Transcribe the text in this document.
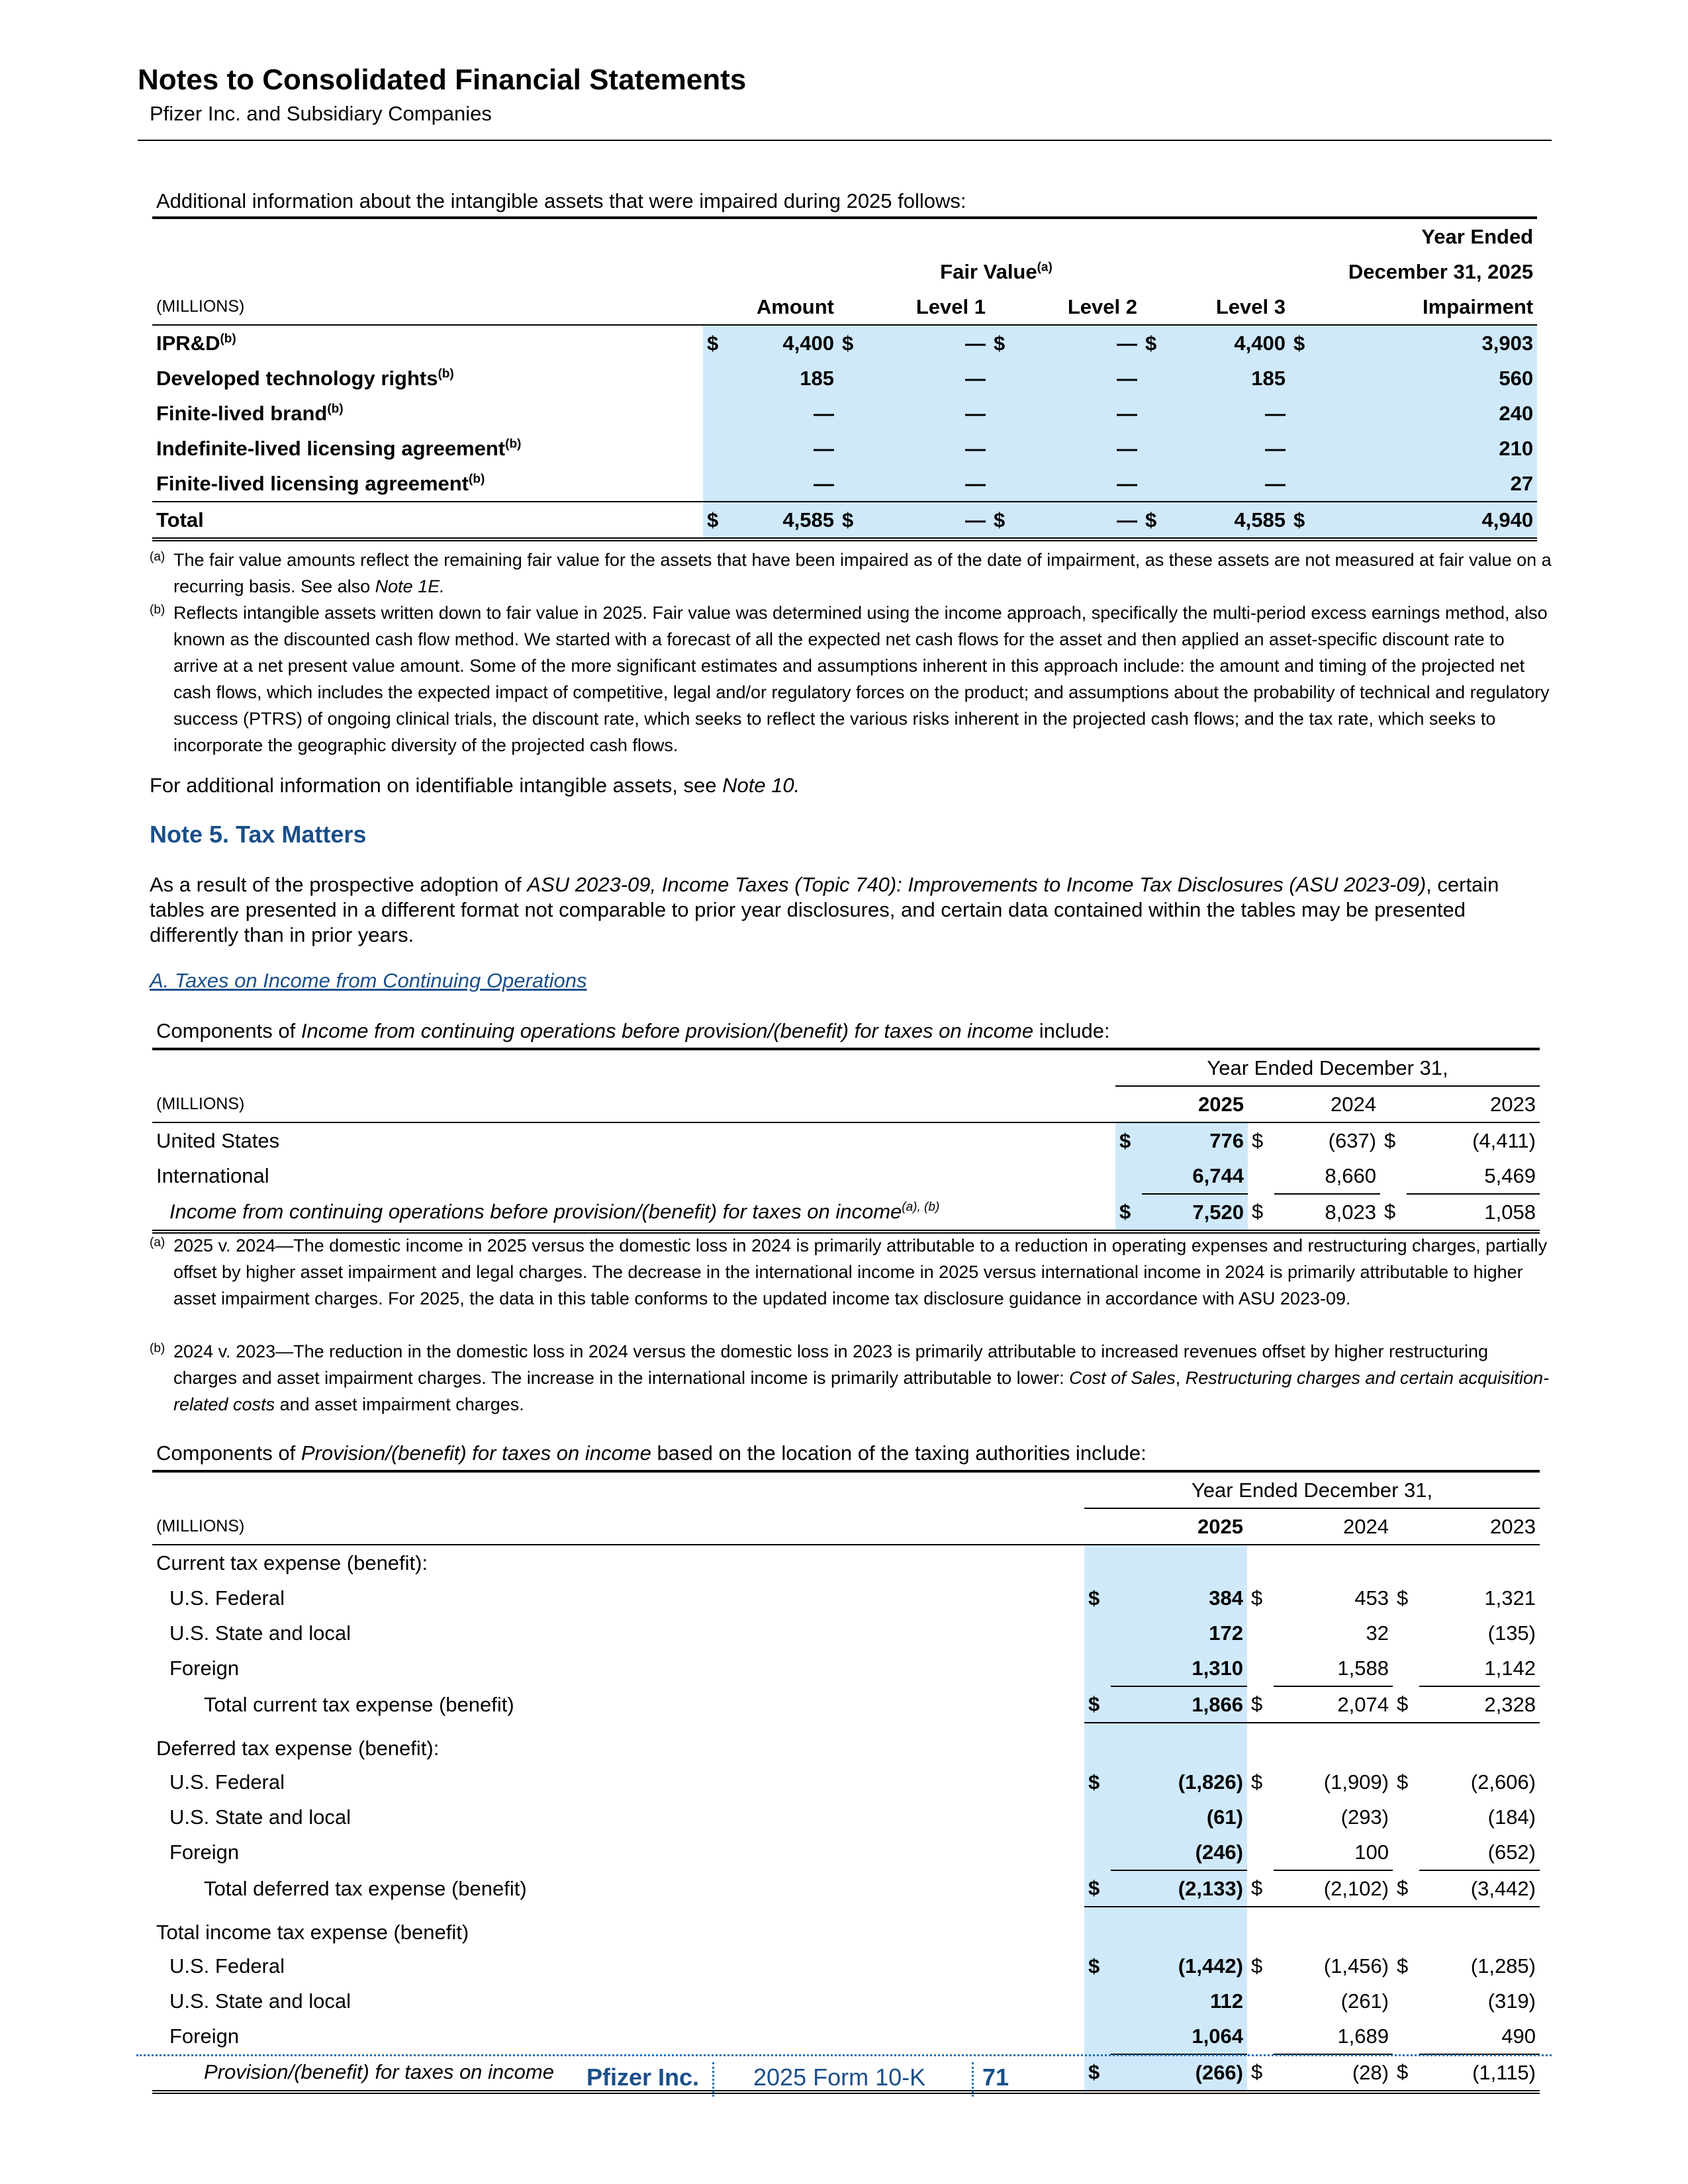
Notes to Consolidated Financial Statements
Pfizer Inc. and Subsidiary Companies
Additional information about the intangible assets that were impaired during 2025 follows:
										Year Ended
	Fair Value$^{(a)}$									December 31, 2025
(MILLIONS)	Amount		Level 1		Level 2		Level 3		Impairment	
$IPR\&D^{(b)}$	$	4,400	$	—	$	—	$	4,400	$	3,903
Developed technology rights$^{(b)}$		185		—		—		185		560
Finite-lived brand$^{(b)}$		—		—		—		—		240
Indefinite-lived licensing agreement$^{(b)}$		—		—		—		—		210
Finite-lived licensing agreement$^{(b)}$		—		—		—		—		27
Total	$	4,585	$	—	$	—	$	4,585	$	4,940
(a) The fair value amounts reflect the remaining fair value for the assets that have been impaired as of the date of impairment, as these assets are not measured at fair value on a recurring basis. See also Note 1E.
(b) Reflects intangible assets written down to fair value in 2025. Fair value was determined using the income approach, specifically the multi-period excess earnings method, also known as the discounted cash flow method. We started with a forecast of all the expected net cash flows for the asset and then applied an asset-specific discount rate to arrive at a net present value amount. Some of the more significant estimates and assumptions inherent in this approach include: the amount and timing of the projected net cash flows, which includes the expected impact of competitive, legal and/or regulatory forces on the product; and assumptions about the probability of technical and regulatory success (PTRS) of ongoing clinical trials, the discount rate, which seeks to reflect the various risks inherent in the projected cash flows; and the tax rate, which seeks to incorporate the geographic diversity of the projected cash flows.
For additional information on identifiable intangible assets, see Note 10.
Note 5. Tax Matters
As a result of the prospective adoption of ASU 2023-09, Income Taxes (Topic 740): Improvements to Income Tax Disclosures (ASU 2023-09), certain tables are presented in a different format not comparable to prior year disclosures, and certain data contained within the tables may be presented differently than in prior years.
A. Taxes on Income from Continuing Operations
Components of Income from continuing operations before provision/(benefit) for taxes on income include:
	Year Ended December 31,					
(MILLIONS)	2025		2024		2023	
United States	$	776	$	(637)	$	(4,411)
International		6,744		8,660		5,469
Income from continuing operations before provision/(benefit) for taxes on income$^{(a), (b)}$	$	7,520	$	8,023	$	1,058
(a) 2025 v. 2024—The domestic income in 2025 versus the domestic loss in 2024 is primarily attributable to a reduction in operating expenses and restructuring charges, partially offset by higher asset impairment and legal charges. The decrease in the international income in 2025 versus international income in 2024 is primarily attributable to higher asset impairment charges. For 2025, the data in this table conforms to the updated income tax disclosure guidance in accordance with ASU 2023-09.
(b) 2024 v. 2023—The reduction in the domestic loss in 2024 versus the domestic loss in 2023 is primarily attributable to increased revenues offset by higher restructuring charges and asset impairment charges. The increase in the international income is primarily attributable to lower: Cost of Sales, Restructuring charges and certain acquisition-related costs and asset impairment charges.
Components of Provision/(benefit) for taxes on income based on the location of the taxing authorities include:
	Year Ended December 31,					
(MILLIONS)	2025		2024		2023	
Current tax expense (benefit):						
U.S. Federal	$	384	$	453	$	1,321
U.S. State and local		172		32		(135)
Foreign		1,310		1,588		1,142
Total current tax expense (benefit)	$	1,866	$	2,074	$	2,328
Deferred tax expense (benefit):						
U.S. Federal	$	(1,826)	$	(1,909)	$	(2,606)
U.S. State and local		(61)		(293)		(184)
Foreign		(246)		100		(652)
Total deferred tax expense (benefit)	$	(2,133)	$	(2,102)	$	(3,442)
Total income tax expense (benefit)						
U.S. Federal	$	(1,442)	$	(1,456)	$	(1,285)
U.S. State and local		112		(261)		(319)
Foreign		1,064		1,689		490
Provision/(benefit) for taxes on income	$	(266)	$	(28)	$	(1,115)
Pfizer Inc. 2025 Form 10-K 71
